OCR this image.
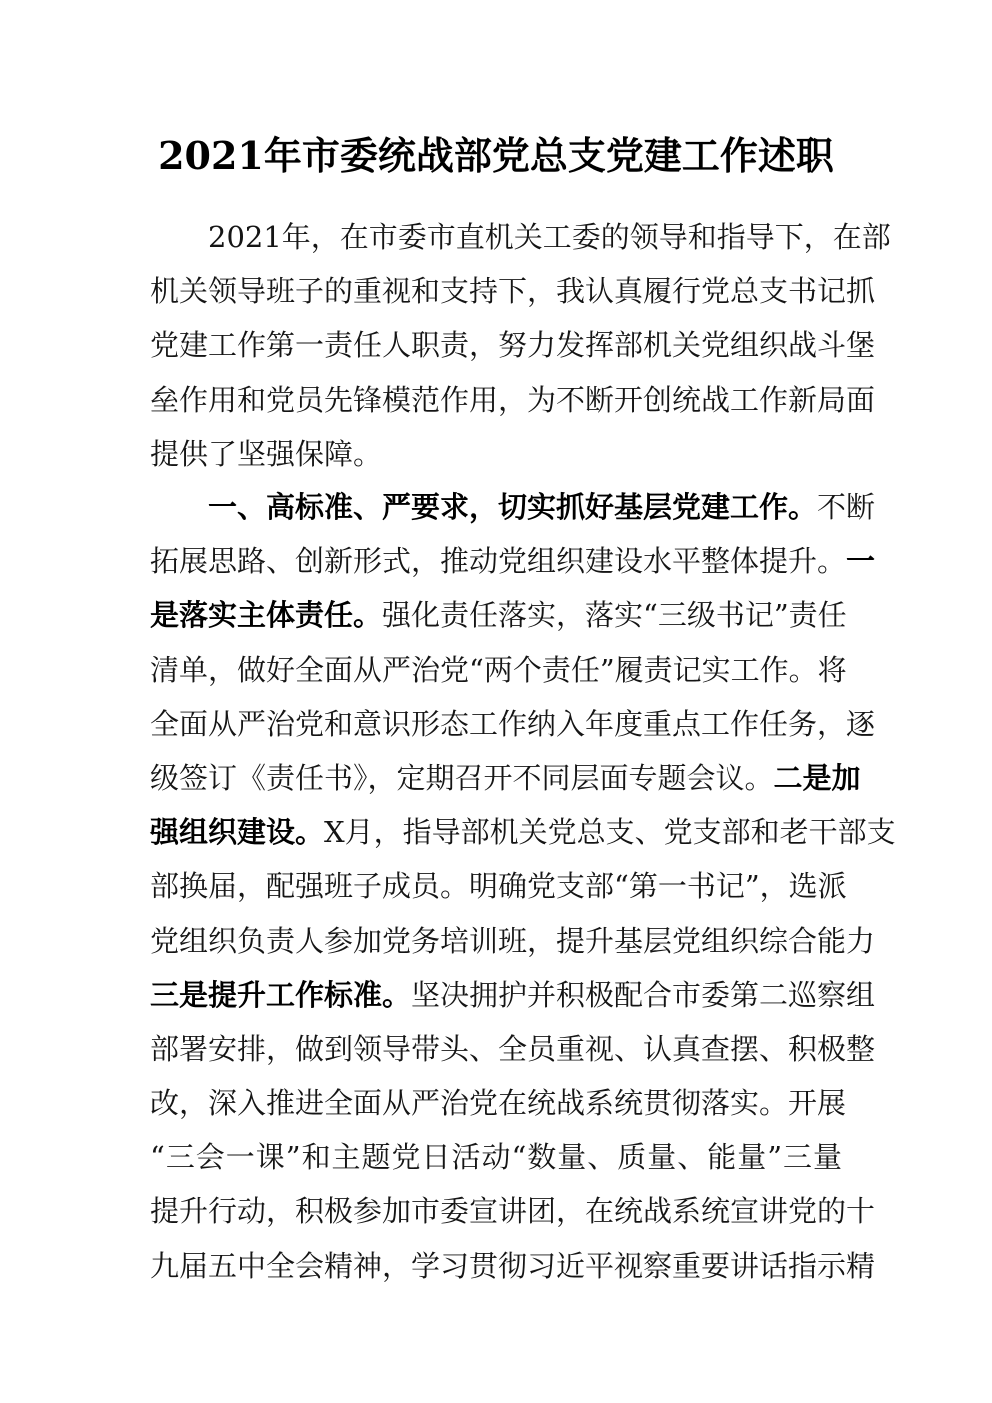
2021年市委统战部党总支党建工作述职
　　2021年，在市委市直机关工委的领导和指导下，在部
机关领导班子的重视和支持下，我认真履行党总支书记抓
党建工作第一责任人职责，努力发挥部机关党组织战斗堡
垒作用和党员先锋模范作用，为不断开创统战工作新局面
提供了坚强保障。
　　一、高标准、严要求，切实抓好基层党建工作。不断
拓展思路、创新形式，推动党组织建设水平整体提升。一
是落实主体责任。强化责任落实，落实“三级书记”责任
清单，做好全面从严治党“两个责任”履责记实工作。将
全面从严治党和意识形态工作纳入年度重点工作任务，逐
级签订《责任书》，定期召开不同层面专题会议。二是加
强组织建设。X月，指导部机关党总支、党支部和老干部支
部换届，配强班子成员。明确党支部“第一书记”，选派
党组织负责人参加党务培训班，提升基层党组织综合能力
三是提升工作标准。坚决拥护并积极配合市委第二巡察组
部署安排，做到领导带头、全员重视、认真查摆、积极整
改，深入推进全面从严治党在统战系统贯彻落实。开展
“三会一课”和主题党日活动“数量、质量、能量”三量
提升行动，积极参加市委宣讲团，在统战系统宣讲党的十
九届五中全会精神，学习贯彻习近平视察重要讲话指示精
